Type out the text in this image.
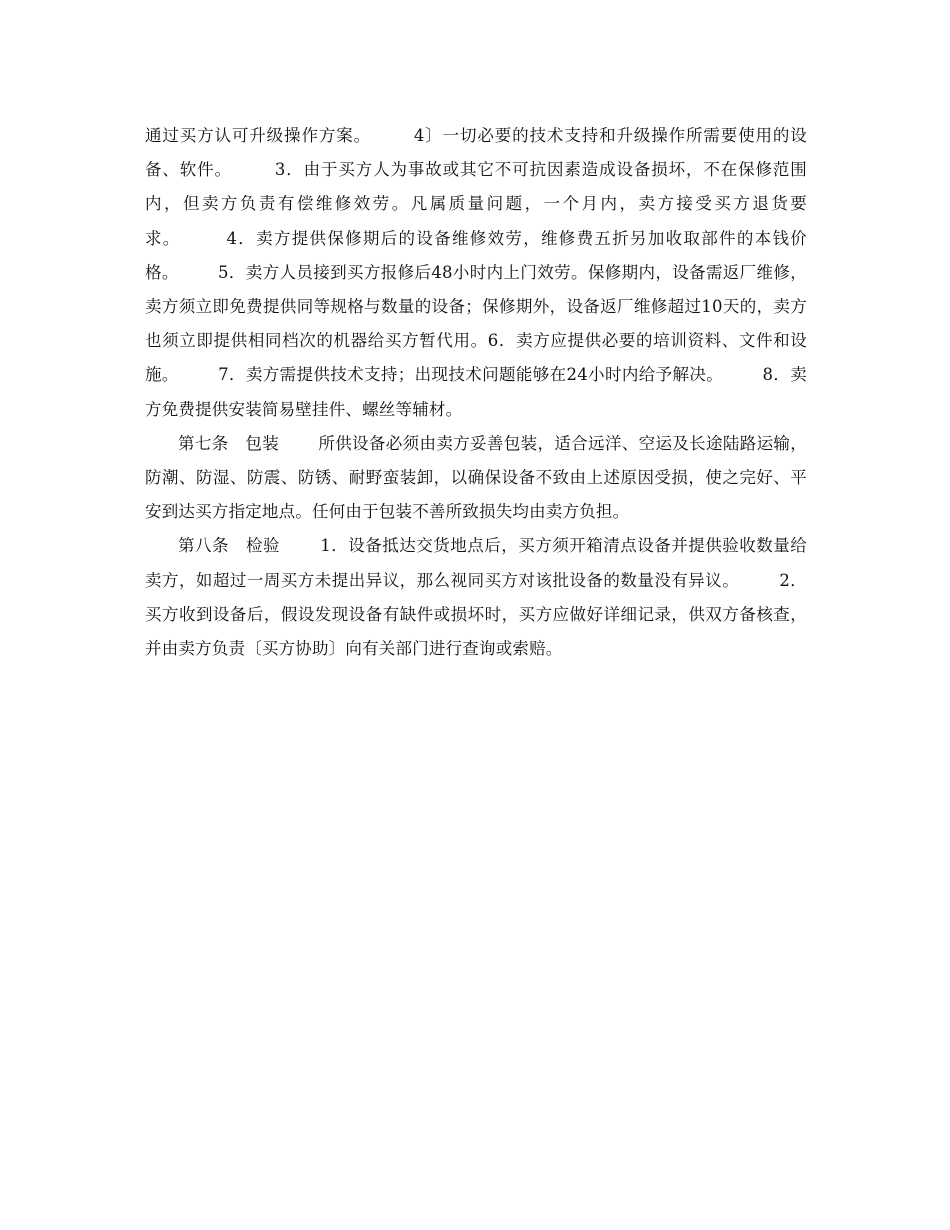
通过买方认可升级操作方案。	4〕一切必要的技术支持和升级操作所需要使用的设备、软件。	3．由于买方人为事故或其它不可抗因素造成设备损坏，不在保修范围内，但卖方负责有偿维修效劳。凡属质量问题，一个月内，卖方接受买方退货要求。	4．卖方提供保修期后的设备维修效劳，维修费五折另加收取部件的本钱价格。 5．卖方人员接到买方报修后48小时内上门效劳。保修期内，设备需返厂维修，卖方须立即免费提供同等规格与数量的设备；保修期外，设备返厂维修超过10天的，卖方也须立即提供相同档次的机器给买方暂代用。6．卖方应提供必要的培训资料、文件和设施。 7．卖方需提供技术支持；出现技术问题能够在24小时内给予解决。 8．卖方免费提供安装简易壁挂件、螺丝等辅材。

第七条　包装 所供设备必须由卖方妥善包装，适合远洋、空运及长途陆路运输，防潮、防湿、防震、防锈、耐野蛮装卸，以确保设备不致由上述原因受损，使之完好、平安到达买方指定地点。任何由于包装不善所致损失均由卖方负担。

第八条　检验 1．设备抵达交货地点后，买方须开箱清点设备并提供验收数量给卖方，如超过一周买方未提出异议，那么视同买方对该批设备的数量没有异议。 2．买方收到设备后，假设发现设备有缺件或损坏时，买方应做好详细记录，供双方备核查，并由卖方负责〔买方协助〕向有关部门进行查询或索赔。
